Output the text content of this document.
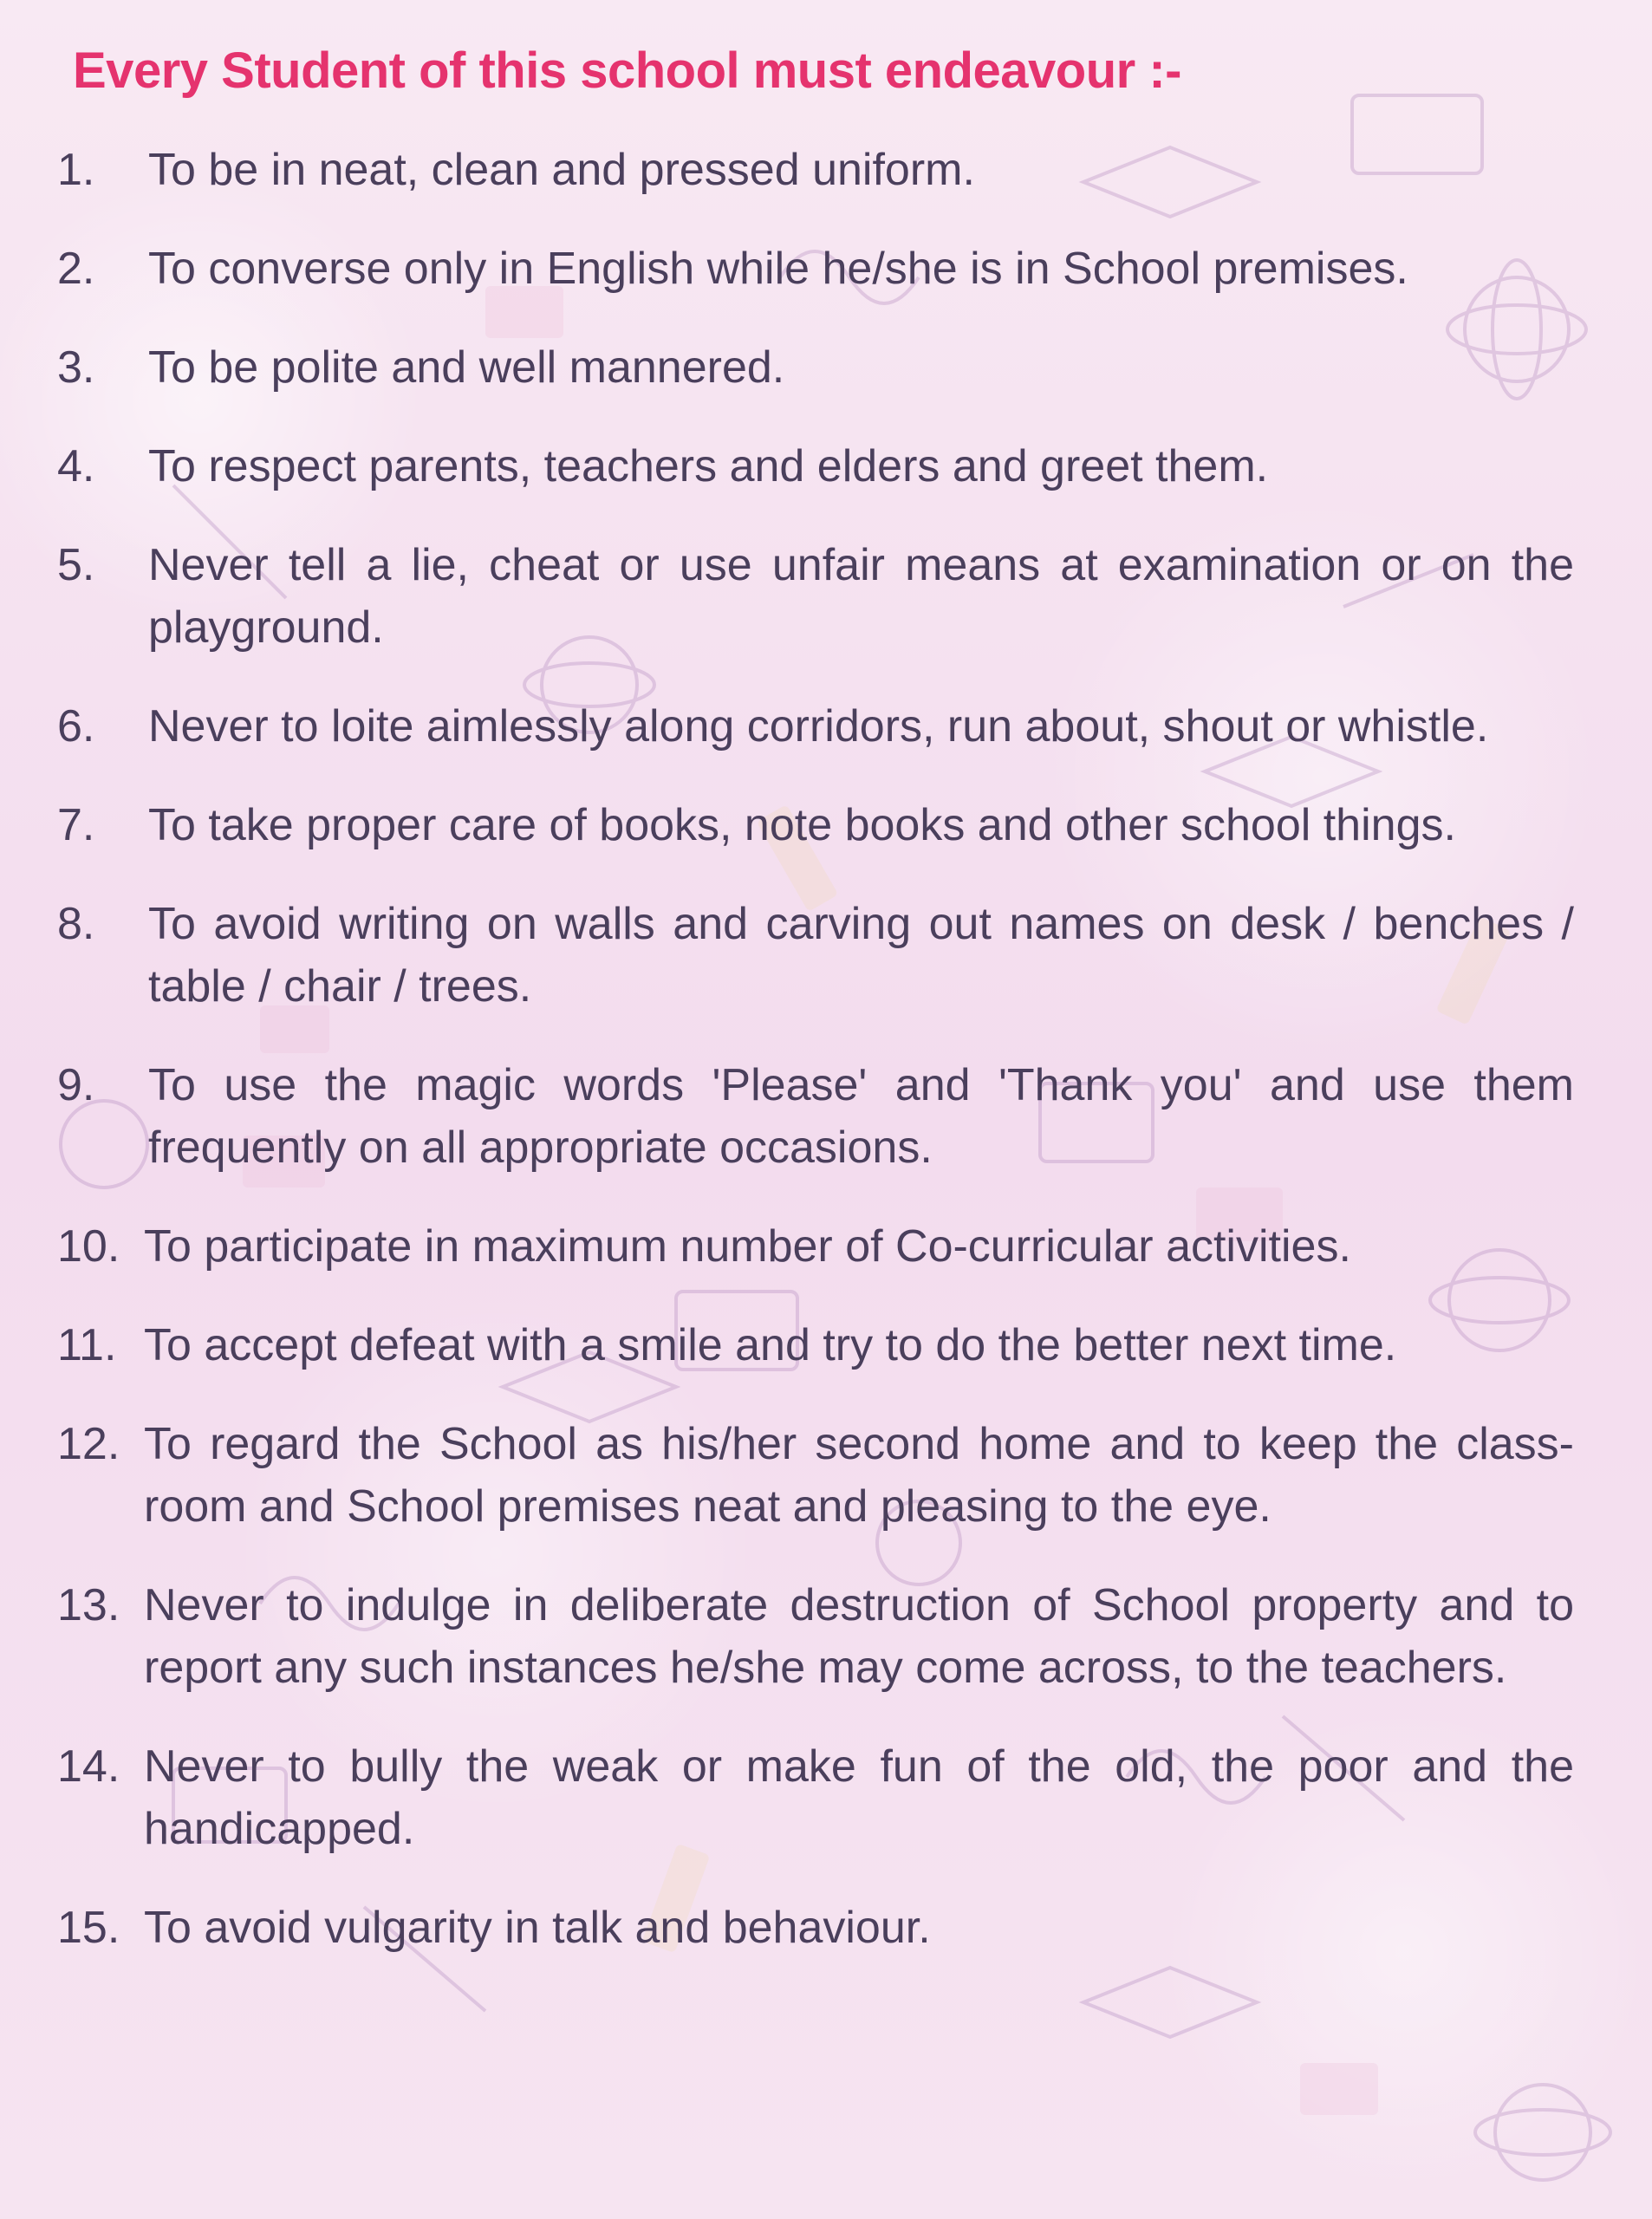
Every Student of this school must endeavour :-
1.	To be in neat, clean and pressed uniform.
2.	To converse only in English while he/she is in School premises.
3.	To be polite and well mannered.
4.	To respect parents, teachers and elders and greet them.
5.	Never tell a lie, cheat or use unfair means at examination or on the playground.
6.	Never to loite aimlessly along corridors, run about, shout or whistle.
7.	To take proper care of books, note books and other school things.
8.	To avoid writing on walls and carving out names on desk / benches / table / chair / trees.
9.	To use the magic words 'Please' and 'Thank you' and use them frequently on all appropriate occasions.
10. To participate in maximum number of Co-curricular activities.
11. To accept defeat with a smile and try to do the better next time.
12. To regard the School as his/her second home and to keep the class-room and School premises neat and pleasing to the eye.
13. Never to indulge in deliberate destruction of School property and to report any such instances he/she may come across, to the teachers.
14. Never to bully the weak or make fun of the old, the poor and the handicapped.
15. To avoid vulgarity in talk and behaviour.
